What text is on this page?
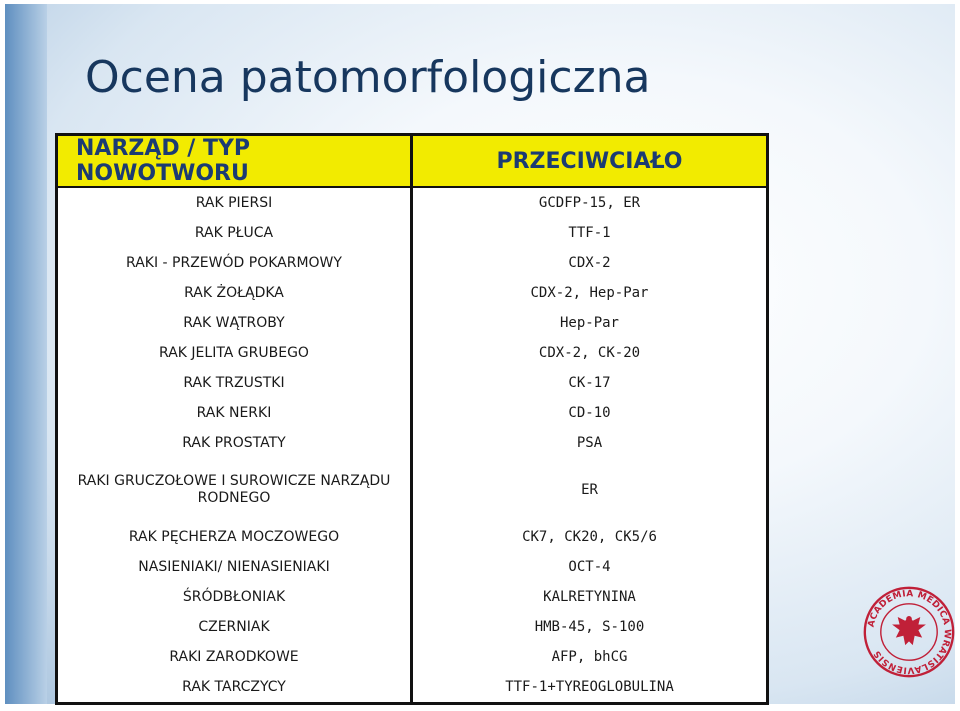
Ocena patomorfologiczna
NARZĄD / TYP NOWOTWORU	PRZECIWCIAŁO
RAK PIERSI	GCDFP-15, ER
RAK PŁUCA	TTF-1
RAKI - PRZEWÓD POKARMOWY	CDX-2
RAK ŻOŁĄDKA	CDX-2, Hep-Par
RAK WĄTROBY	Hep-Par
RAK JELITA GRUBEGO	CDX-2, CK-20
RAK TRZUSTKI	CK-17
RAK NERKI	CD-10
RAK PROSTATY	PSA
RAKI GRUCZOŁOWE I SUROWICZE NARZĄDU RODNEGO	ER
RAK PĘCHERZA MOCZOWEGO	CK7, CK20, CK5/6
NASIENIAKI/ NIENASIENIAKI	OCT-4
ŚRÓDBŁONIAK	KALRETYNINA
CZERNIAK	HMB-45, S-100
RAKI ZARODKOWE	AFP, bhCG
RAK TARCZYCY	TTF-1+TYREOGLOBULINA
ACADEMIA MEDICA WRATISLAVIENSIS
